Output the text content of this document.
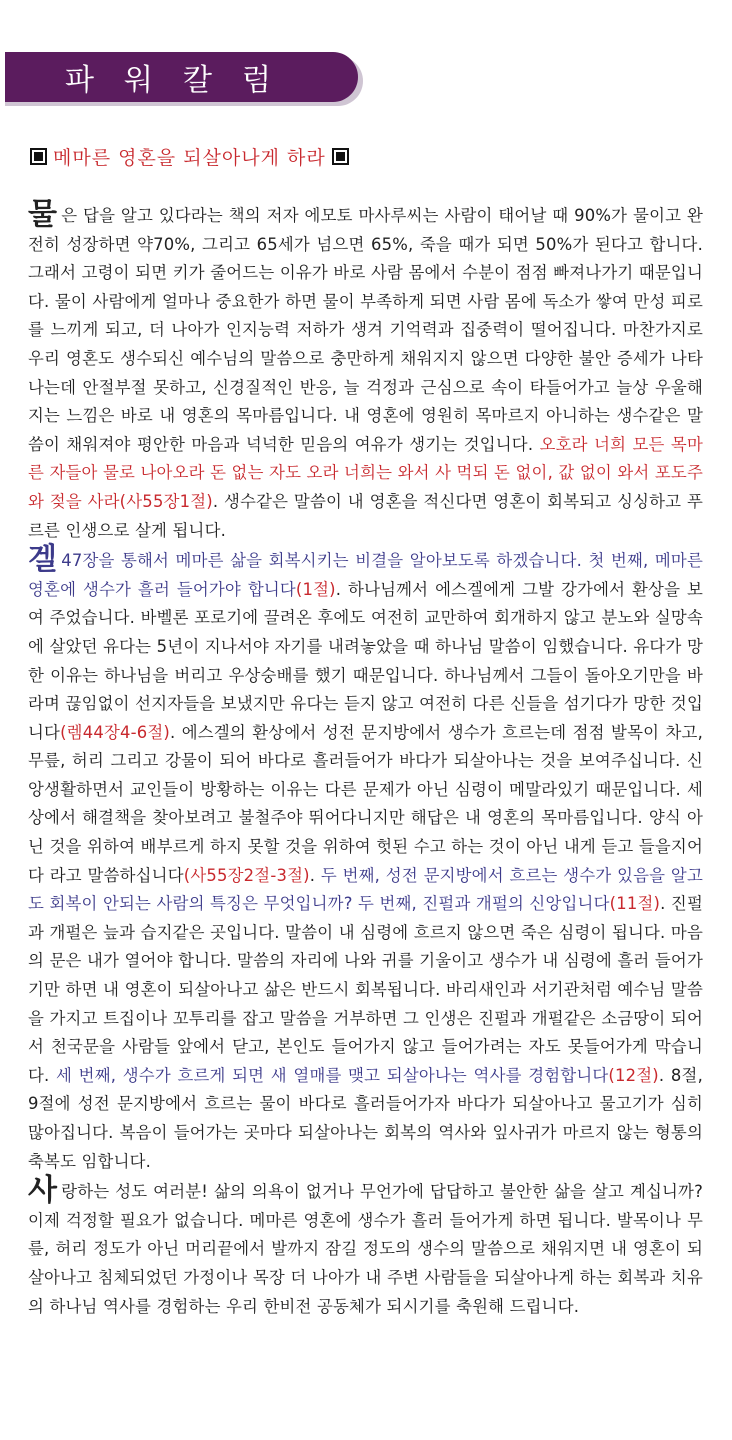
파워칼럼
메마른 영혼을 되살아나게 하라

물은 답을 알고 있다라는 책의 저자 에모토 마사루씨는 사람이 태어날 때 90%가 물이고 완전히 성장하면 약70%, 그리고 65세가 넘으면 65%, 죽을 때가 되면 50%가 된다고 합니다. 그래서 고령이 되면 키가 줄어드는 이유가 바로 사람 몸에서 수분이 점점 빠져나가기 때문입니다. 물이 사람에게 얼마나 중요한가 하면 물이 부족하게 되면 사람 몸에 독소가 쌓여 만성 피로를 느끼게 되고, 더 나아가 인지능력 저하가 생겨 기억력과 집중력이 떨어집니다. 마찬가지로 우리 영혼도 생수되신 예수님의 말씀으로 충만하게 채워지지 않으면 다양한 불안 증세가 나타나는데 안절부절 못하고, 신경질적인 반응, 늘 걱정과 근심으로 속이 타들어가고 늘상 우울해지는 느낌은 바로 내 영혼의 목마름입니다. 내 영혼에 영원히 목마르지 아니하는 생수같은 말씀이 채워져야 평안한 마음과 넉넉한 믿음의 여유가 생기는 것입니다. 오호라 너희 모든 목마른 자들아 물로 나아오라 돈 없는 자도 오라 너희는 와서 사 먹되 돈 없이, 값 없이 와서 포도주와 젖을 사라(사55장1절). 생수같은 말씀이 내 영혼을 적신다면 영혼이 회복되고 싱싱하고 푸르른 인생으로 살게 됩니다.

겔 47장을 통해서 메마른 삶을 회복시키는 비결을 알아보도록 하겠습니다. 첫 번째, 메마른 영혼에 생수가 흘러 들어가야 합니다(1절). 하나님께서 에스겔에게 그발 강가에서 환상을 보여 주었습니다. 바벨론 포로기에 끌려온 후에도 여전히 교만하여 회개하지 않고 분노와 실망속에 살았던 유다는 5년이 지나서야 자기를 내려놓았을 때 하나님 말씀이 임했습니다. 유다가 망한 이유는 하나님을 버리고 우상숭배를 했기 때문입니다. 하나님께서 그들이 돌아오기만을 바라며 끊임없이 선지자들을 보냈지만 유다는 듣지 않고 여전히 다른 신들을 섬기다가 망한 것입니다(렘44장4-6절). 에스겔의 환상에서 성전 문지방에서 생수가 흐르는데 점점 발목이 차고, 무릎, 허리 그리고 강물이 되어 바다로 흘러들어가 바다가 되살아나는 것을 보여주십니다. 신앙생활하면서 교인들이 방황하는 이유는 다른 문제가 아닌 심령이 메말라있기 때문입니다. 세상에서 해결책을 찾아보려고 불철주야 뛰어다니지만 해답은 내 영혼의 목마름입니다. 양식 아닌 것을 위하여 배부르게 하지 못할 것을 위하여 헛된 수고 하는 것이 아닌 내게 듣고 들을지어다 라고 말씀하십니다(사55장2절-3절). 두 번째, 성전 문지방에서 흐르는 생수가 있음을 알고도 회복이 안되는 사람의 특징은 무엇입니까? 두 번째, 진펄과 개펄의 신앙입니다(11절). 진펄과 개펄은 늪과 습지같은 곳입니다. 말씀이 내 심령에 흐르지 않으면 죽은 심령이 됩니다. 마음의 문은 내가 열어야 합니다. 말씀의 자리에 나와 귀를 기울이고 생수가 내 심령에 흘러 들어가기만 하면 내 영혼이 되살아나고 삶은 반드시 회복됩니다. 바리새인과 서기관처럼 예수님 말씀을 가지고 트집이나 꼬투리를 잡고 말씀을 거부하면 그 인생은 진펄과 개펄같은 소금땅이 되어서 천국문을 사람들 앞에서 닫고, 본인도 들어가지 않고 들어가려는 자도 못들어가게 막습니다. 세 번째, 생수가 흐르게 되면 새 열매를 맺고 되살아나는 역사를 경험합니다(12절). 8절, 9절에 성전 문지방에서 흐르는 물이 바다로 흘러들어가자 바다가 되살아나고 물고기가 심히 많아집니다. 복음이 들어가는 곳마다 되살아나는 회복의 역사와 잎사귀가 마르지 않는 형통의 축복도 임합니다.

사랑하는 성도 여러분! 삶의 의욕이 없거나 무언가에 답답하고 불안한 삶을 살고 계십니까? 이제 걱정할 필요가 없습니다. 메마른 영혼에 생수가 흘러 들어가게 하면 됩니다. 발목이나 무릎, 허리 정도가 아닌 머리끝에서 발까지 잠길 정도의 생수의 말씀으로 채워지면 내 영혼이 되살아나고 침체되었던 가정이나 목장 더 나아가 내 주변 사람들을 되살아나게 하는 회복과 치유의 하나님 역사를 경험하는 우리 한비전 공동체가 되시기를 축원해 드립니다.
